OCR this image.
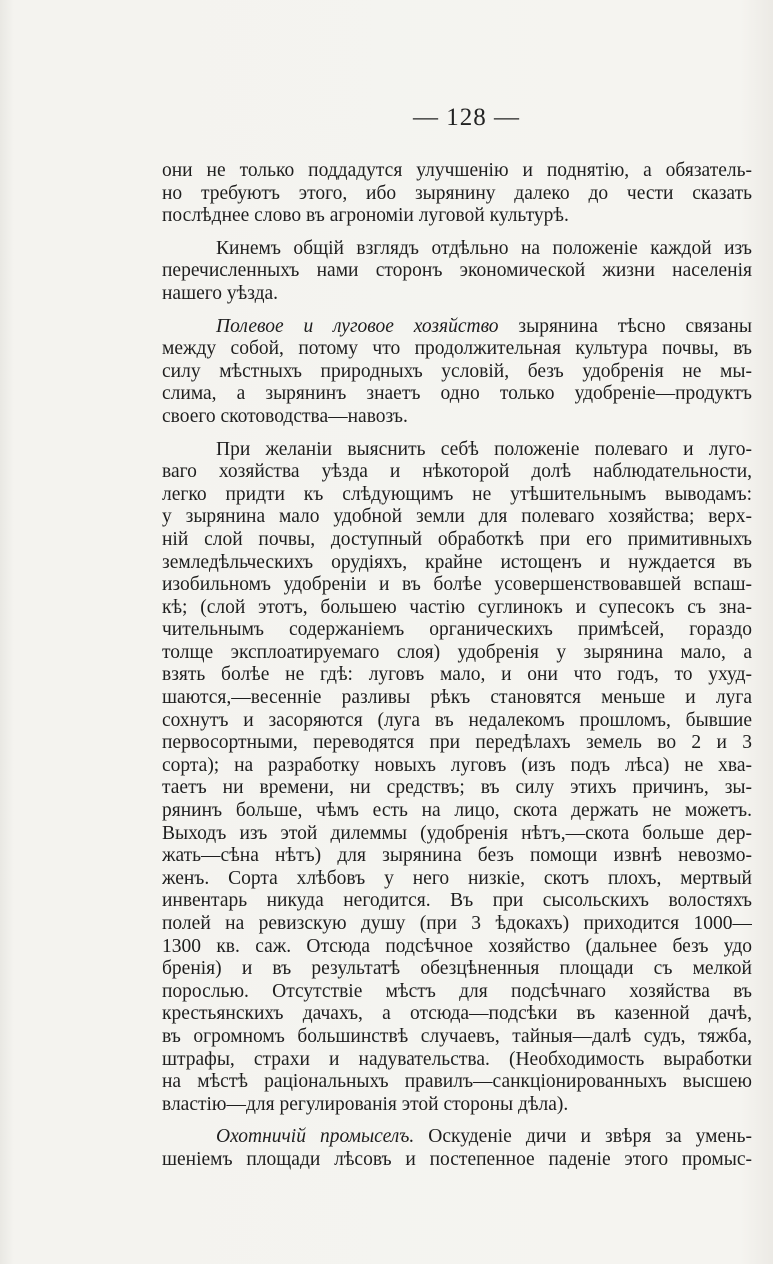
— 128 —
они не только поддадутся улучшенію и поднятію, а обязатель-
но требуютъ этого, ибо зырянину далеко до чести сказать
послѣднее слово въ агрономіи луговой культурѣ.
Кинемъ общій взглядъ отдѣльно на положеніе каждой изъ
перечисленныхъ нами сторонъ экономической жизни населенія
нашего уѣзда.
Полевое и луговое хозяйство зырянина тѣсно связаны
между собой, потому что продолжительная культура почвы, въ
силу мѣстныхъ природныхъ условій, безъ удобренія не мы-
слима, а зырянинъ знаетъ одно только удобреніе—продуктъ
своего скотоводства—навозъ.
При желаніи выяснить себѣ положеніе полеваго и луго-
ваго хозяйства уѣзда и нѣкоторой долѣ наблюдательности,
легко придти къ слѣдующимъ не утѣшительнымъ выводамъ:
у зырянина мало удобной земли для полеваго хозяйства; верх-
ній слой почвы, доступный обработкѣ при его примитивныхъ
земледѣльческихъ орудіяхъ, крайне истощенъ и нуждается въ
изобильномъ удобреніи и въ болѣе усовершенствовавшей вспаш-
кѣ; (слой этотъ, большею частію суглинокъ и супесокъ съ зна-
чительнымъ содержаніемъ органическихъ примѣсей, гораздо
толще эксплоатируемаго слоя) удобренія у зырянина мало, а
взять болѣе не гдѣ: луговъ мало, и они что годъ, то ухуд-
шаются,—весенніе разливы рѣкъ становятся меньше и луга
сохнутъ и засоряются (луга въ недалекомъ прошломъ, бывшие
первосортными, переводятся при передѣлахъ земель во 2 и 3
сорта); на разработку новыхъ луговъ (изъ подъ лѣса) не хва-
таетъ ни времени, ни средствъ; въ силу этихъ причинъ, зы-
рянинъ больше, чѣмъ есть на лицо, скота держать не можетъ.
Выходъ изъ этой дилеммы (удобренія нѣтъ,—скота больше дер-
жать—сѣна нѣтъ) для зырянина безъ помощи извнѣ невозмо-
женъ. Сорта хлѣбовъ у него низкіе, скотъ плохъ, мертвый
инвентарь никуда негодится. Въ при сысольскихъ волостяхъ
полей на ревизскую душу (при 3 ѣдокахъ) приходится 1000—
1300 кв. саж. Отсюда подсѣчное хозяйство (дальнее безъ удо
бренія) и въ результатѣ обезцѣненныя площади съ мелкой
порослью. Отсутствіе мѣстъ для подсѣчнаго хозяйства въ
крестьянскихъ дачахъ, а отсюда—подсѣки въ казенной дачѣ,
въ огромномъ большинствѣ случаевъ, тайныя—далѣ судъ, тяжба,
штрафы, страхи и надувательства. (Необходимость выработки
на мѣстѣ раціональныхъ правилъ—санкціонированныхъ высшею
властію—для регулированія этой стороны дѣла).
Охотничій промыселъ. Оскуденіе дичи и звѣря за умень-
шеніемъ площади лѣсовъ и постепенное паденіе этого промыс-
